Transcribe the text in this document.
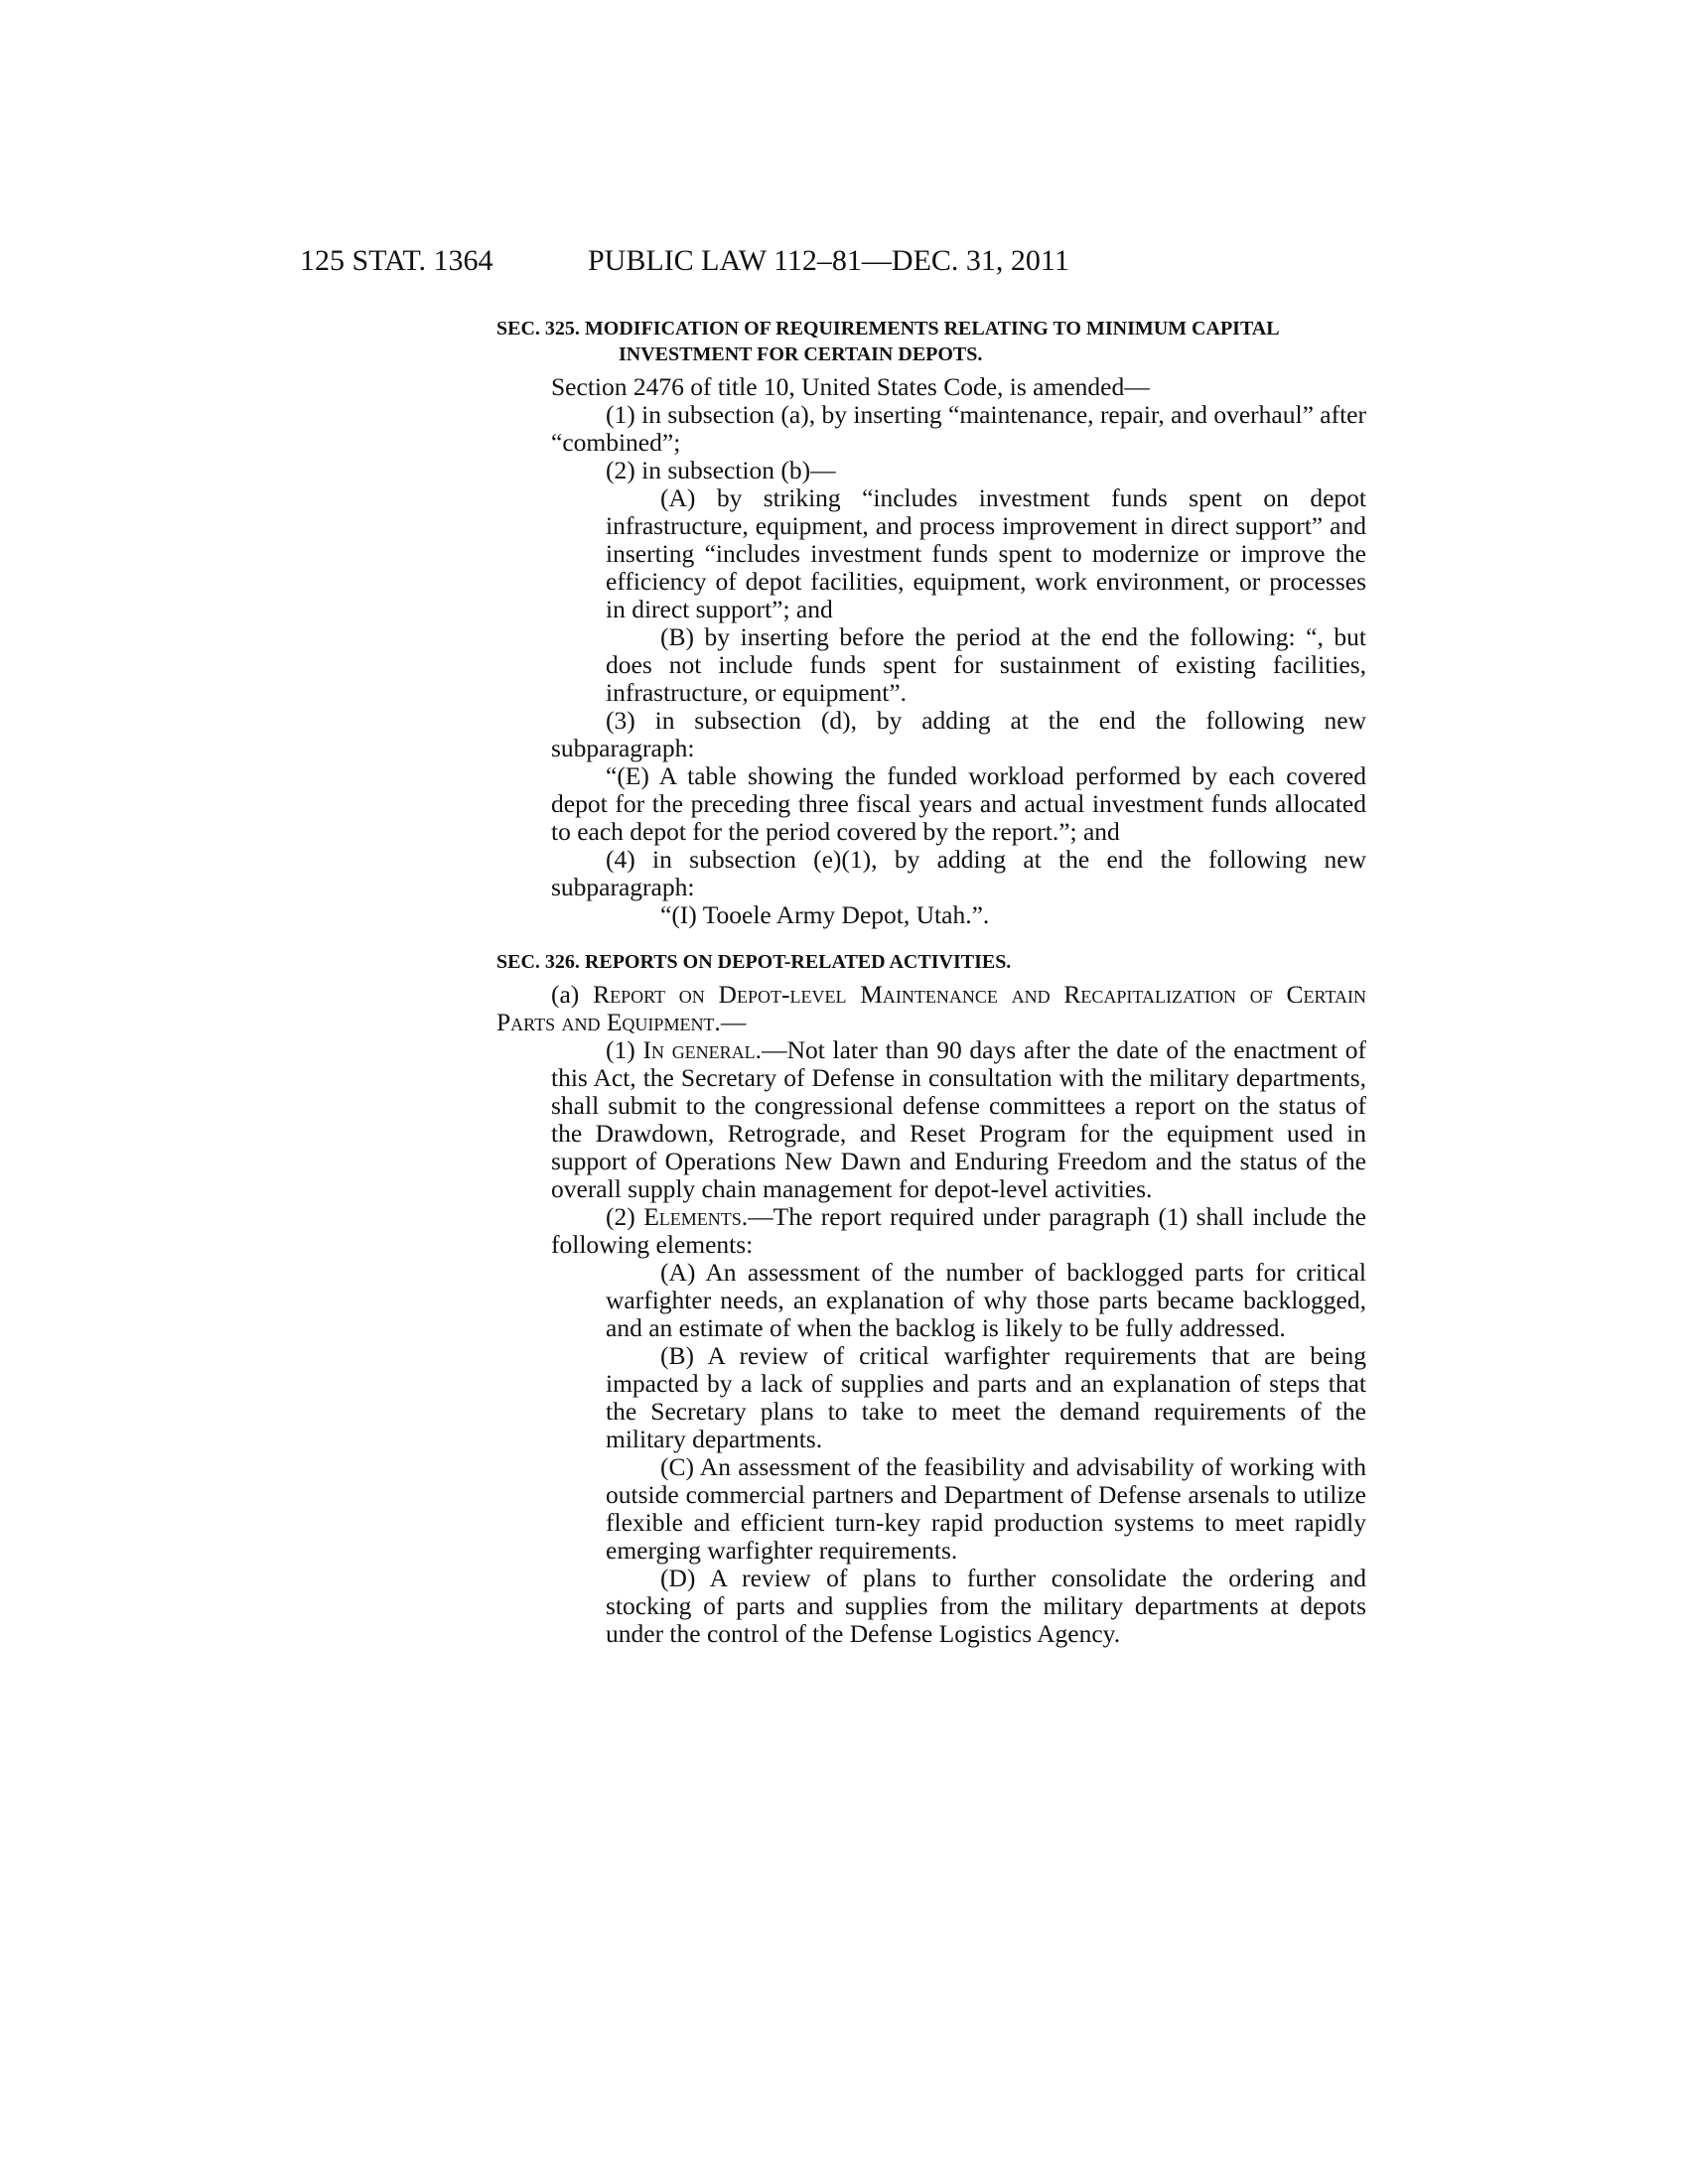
125 STAT. 1364	PUBLIC LAW 112–81—DEC. 31, 2011
SEC. 325. MODIFICATION OF REQUIREMENTS RELATING TO MINIMUM CAPITAL INVESTMENT FOR CERTAIN DEPOTS.

Section 2476 of title 10, United States Code, is amended—

(1) in subsection (a), by inserting “maintenance, repair, and overhaul” after “combined”;

(2) in subsection (b)—

(A) by striking “includes investment funds spent on depot infrastructure, equipment, and process improvement in direct support” and inserting “includes investment funds spent to modernize or improve the efficiency of depot facilities, equipment, work environment, or processes in direct support”; and

(B) by inserting before the period at the end the following: “, but does not include funds spent for sustainment of existing facilities, infrastructure, or equipment”.

(3) in subsection (d), by adding at the end the following new subparagraph:

“(E) A table showing the funded workload performed by each covered depot for the preceding three fiscal years and actual investment funds allocated to each depot for the period covered by the report.”; and

(4) in subsection (e)(1), by adding at the end the following new subparagraph:

“(I) Tooele Army Depot, Utah.”.

SEC. 326. REPORTS ON DEPOT-RELATED ACTIVITIES.

(a) Report on Depot-level Maintenance and Recapitalization of Certain Parts and Equipment.—

(1) In general.—Not later than 90 days after the date of the enactment of this Act, the Secretary of Defense in consultation with the military departments, shall submit to the congressional defense committees a report on the status of the Drawdown, Retrograde, and Reset Program for the equipment used in support of Operations New Dawn and Enduring Freedom and the status of the overall supply chain management for depot-level activities.

(2) Elements.—The report required under paragraph (1) shall include the following elements:

(A) An assessment of the number of backlogged parts for critical warfighter needs, an explanation of why those parts became backlogged, and an estimate of when the backlog is likely to be fully addressed.

(B) A review of critical warfighter requirements that are being impacted by a lack of supplies and parts and an explanation of steps that the Secretary plans to take to meet the demand requirements of the military departments.

(C) An assessment of the feasibility and advisability of working with outside commercial partners and Department of Defense arsenals to utilize flexible and efficient turn-key rapid production systems to meet rapidly emerging warfighter requirements.

(D) A review of plans to further consolidate the ordering and stocking of parts and supplies from the military departments at depots under the control of the Defense Logistics Agency.
